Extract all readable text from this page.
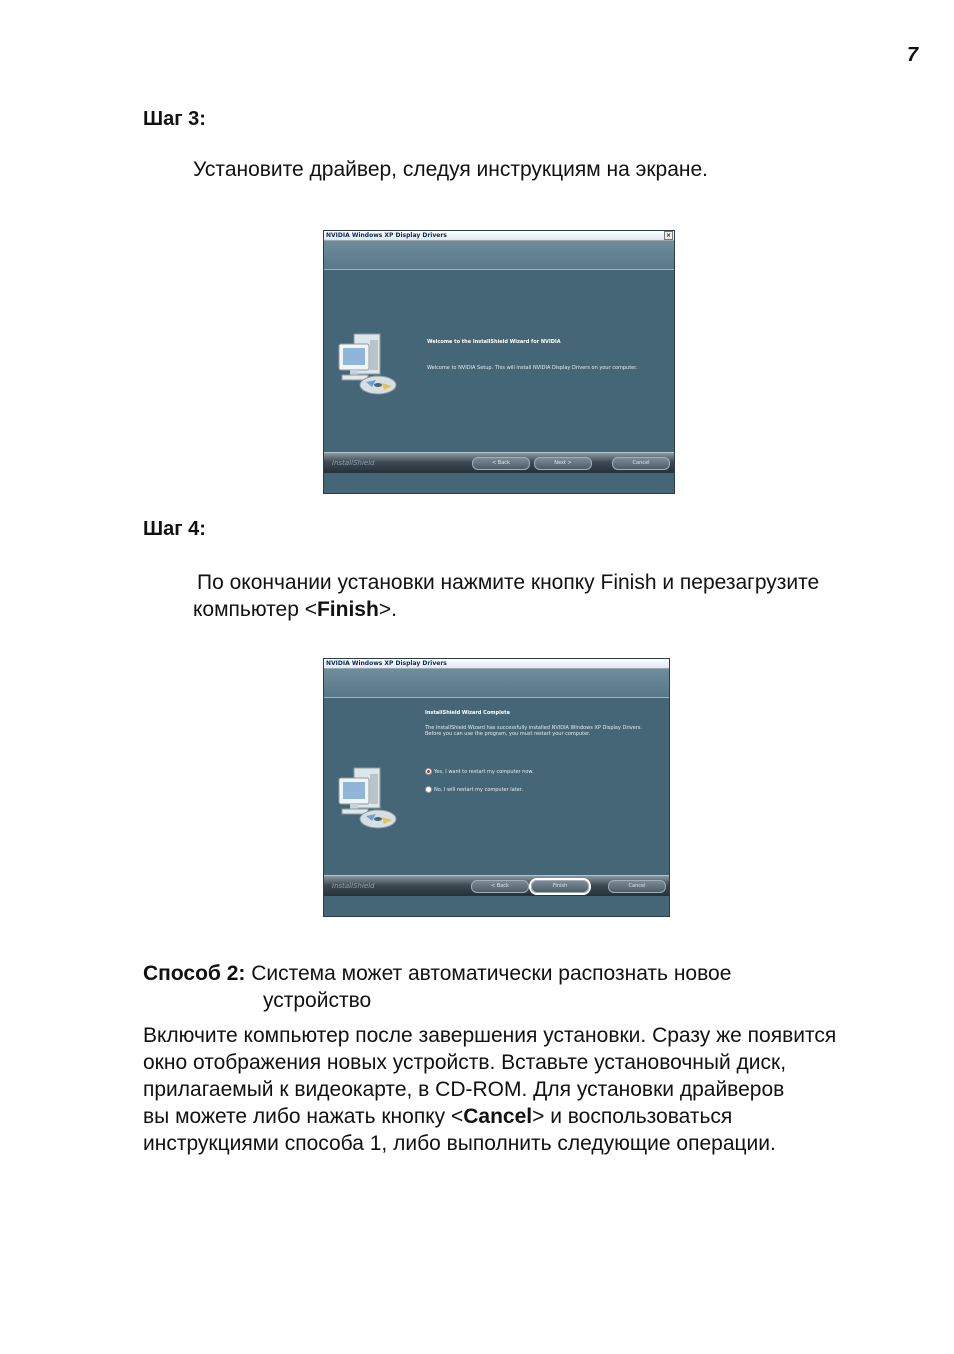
7
Шаг 3:
Установите драйвер, следуя инструкциям на экране.
NVIDIA Windows XP Display Drivers	×
Welcome to the InstallShield Wizard for NVIDIA
Welcome to NVIDIA Setup. This will install NVIDIA Display Drivers on your computer.
InstallShield	< Back	Next >	Cancel
Шаг 4:
По окончании установки нажмите кнопку Finish и перезагрузите
компьютер <Finish>.
NVIDIA Windows XP Display Drivers
InstallShield Wizard Complete
The InstallShield Wizard has successfully installed NVIDIA Windows XP Display Drivers. Before you can use the program, you must restart your computer.
Yes, I want to restart my computer now.
No, I will restart my computer later.
InstallShield	< Back	Finish	Cancel
Способ 2: Система может автоматически распознать новое
устройство
Включите компьютер после завершения установки. Сразу же появится
окно отображения новых устройств. Вставьте установочный диск,
прилагаемый к видеокарте, в CD-ROM. Для установки драйверов
вы можете либо нажать кнопку <Cancel> и воспользоваться
инструкциями способа 1, либо выполнить следующие операции.
